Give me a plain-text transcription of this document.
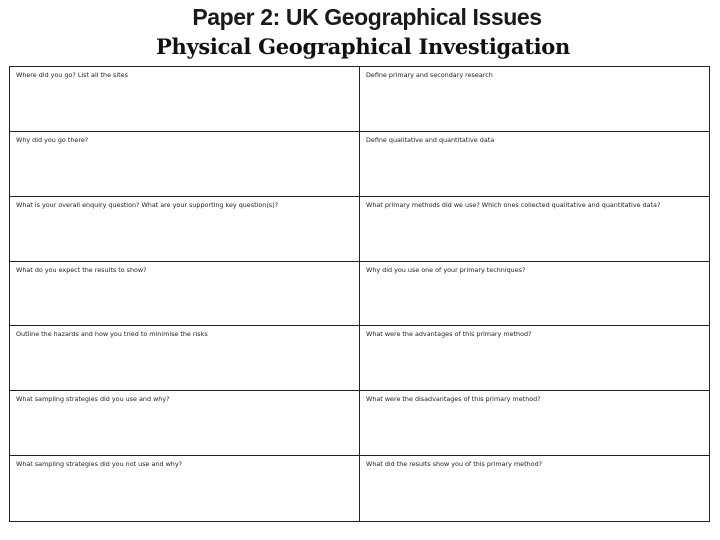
Paper 2: UK Geographical Issues
Physical Geographical Investigation
Where did you go? List all the sites	Define primary and secondary research
Why did you go there?	Define qualitative and quantitative data
What is your overall enquiry question? What are your supporting key question(s)?	What primary methods did we use? Which ones collected qualitative and quantitative data?
What do you expect the results to show?	Why did you use one of your primary techniques?
Outline the hazards and how you tried to minimise the risks	What were the advantages of this primary method?
What sampling strategies did you use and why?	What were the disadvantages of this primary method?
What sampling strategies did you not use and why?	What did the results show you of this primary method?
